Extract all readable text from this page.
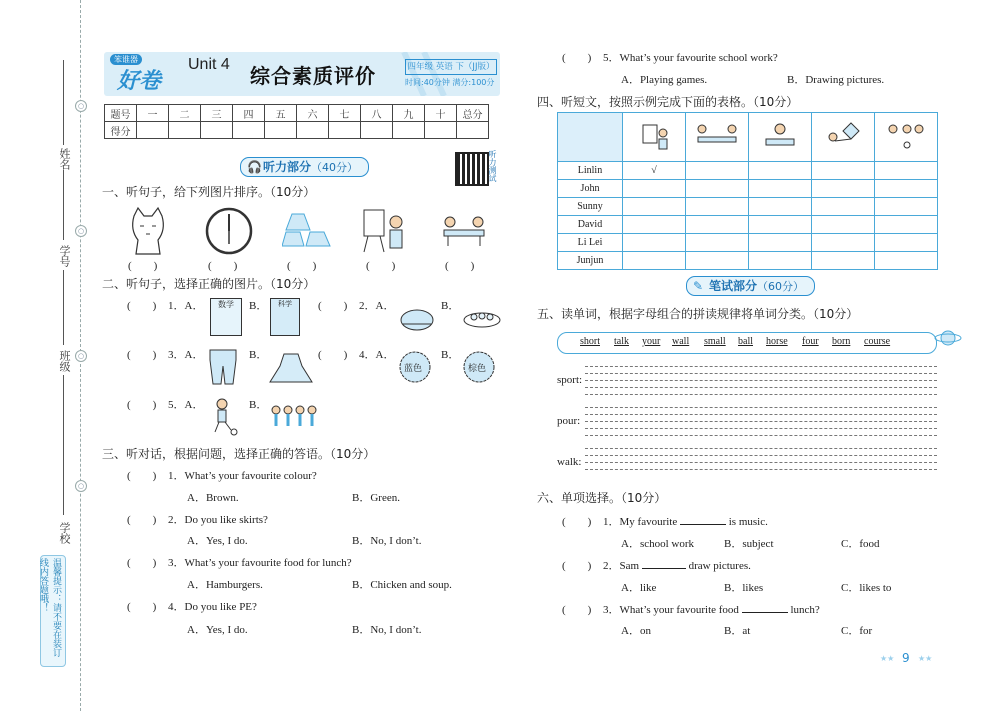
姓名
学号
班级
学校
○
○
○
○
温馨提示：请不要在装订线内答题哦！
笨谁器
好卷
Unit 4 综合素质评价	四年级 英语 下（JJ版）
时间:40分钟 满分:100分
题号	一	二	三	四	五	六	七	八	九	十	总分
得分											
🎧 听力部分（40分）	听力测试
一、听句子，给下列图片排序。（10分）
(　　)	(　　)	(　　)	(　　)	(　　)
二、听句子，选择正确的图片。（10分）
(　　) 1．A．	数学	B．	科学	(　　) 2．A．	B．
(　　) 3．A．	B．	(　　) 4．A．
蓝色
B．
棕色
(　　) 5．A．	B．
三、听对话，根据问题，选择正确的答语。（10分）
(　　) 1．What’s your favourite colour?
A．Brown.	B．Green.
(　　) 2．Do you like skirts?
A．Yes, I do.	B．No, I don’t.
(　　) 3．What’s your favourite food for lunch?
A．Hamburgers.	B．Chicken and soup.
(　　) 4．Do you like PE?
A．Yes, I do.	B．No, I don’t.
(　　) 5．What’s your favourite school work?
A．Playing games.	B．Drawing pictures.
四、听短文，按照示例完成下面的表格。（10分）

Linlin	√				
John					
Sunny					
David					
Li Lei					
Junjun					
✎ 笔试部分（60分）
五、读单词，根据字母组合的拼读规律将单词分类。（10分）
short talk your wall small ball horse four born course
sport:
pour:
walk:
六、单项选择。（10分）
(　　) 1．My favourite	is music.
A．school work	B．subject	C．food
(　　) 2．Sam	draw pictures.
A．like	B．likes	C．likes to
(　　) 3．What’s your favourite food	lunch?
A．on	B．at	C．for
★★ 9 ★★
